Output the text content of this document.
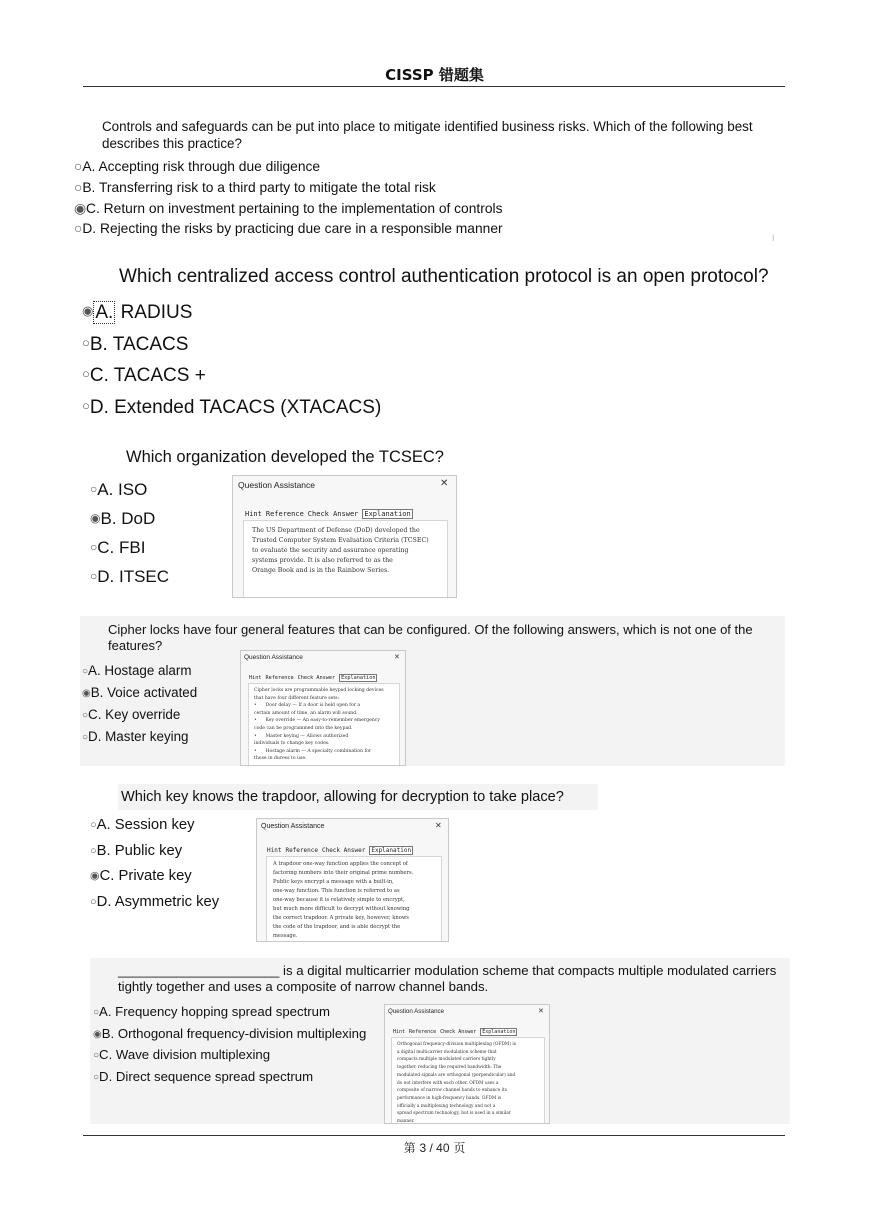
CISSP 错题集
Controls and safeguards can be put into place to mitigate identified business risks. Which of the following best describes this practice?
○A. Accepting risk through due diligence
○B. Transferring risk to a third party to mitigate the total risk
◉C. Return on investment pertaining to the implementation of controls
○D. Rejecting the risks by practicing due care in a responsible manner
I
Which centralized access control authentication protocol is an open protocol?
◉ A. RADIUS
○B. TACACS
○C. TACACS +
○D. Extended TACACS (XTACACS)
Which organization developed the TCSEC?
○A. ISO
◉B. DoD
○C. FBI
○D. ITSEC
Question Assistance	✕
Hint Reference Check Answer Explanation
The US Department of Defense (DoD) developed the
Trusted Computer System Evaluation Criteria (TCSEC)
to evaluate the security and assurance operating
systems provide. It is also referred to as the
Orange Book and is in the Rainbow Series.
Cipher locks have four general features that can be configured. Of the following answers, which is not one of the features?
○A. Hostage alarm
◉B. Voice activated
○C. Key override
○D. Master keying
Question Assistance	✕
Hint Reference Check Answer Explanation
Cipher locks are programmable keypad locking devices
that have four different feature sets:
•      Door delay — If a door is held open for a
certain amount of time, an alarm will sound.
•      Key override — An easy-to-remember emergency
code can be programmed into the keypad.
•      Master keying — Allows authorized
individuals to change key codes.
•      Hostage alarm — A specialty combination for
those in duress to use.
Which key knows the trapdoor, allowing for decryption to take place?
○A. Session key
○B. Public key
◉C. Private key
○D. Asymmetric key
Question Assistance	✕
Hint Reference Check Answer Explanation
A trapdoor one-way function applies the concept of
factoring numbers into their original prime numbers.
Public keys encrypt a message with a built-in,
one-way function. This function is referred to as
one-way because it is relatively simple to encrypt,
but much more difficult to decrypt without knowing
the correct trapdoor. A private key, however, knows
the code of the trapdoor, and is able decrypt the
message.
______________________ is a digital multicarrier modulation scheme that compacts multiple modulated carriers tightly together and uses a composite of narrow channel bands.
○A. Frequency hopping spread spectrum
◉B. Orthogonal frequency-division multiplexing
○C. Wave division multiplexing
○D. Direct sequence spread spectrum
Question Assistance	✕
Hint Reference Check Answer Explanation
Orthogonal frequency-division multiplexing (OFDM) is
a digital multicarrier modulation scheme that
compacts multiple modulated carriers tightly
together, reducing the required bandwidth. The
modulated signals are orthogonal (perpendicular) and
do not interfere with each other. OFDM uses a
composite of narrow channel bands to enhance its
performance in high-frequency bands. OFDM is
officially a multiplexing technology and not a
spread spectrum technology, but is used in a similar
manner.
第 3 / 40 页
